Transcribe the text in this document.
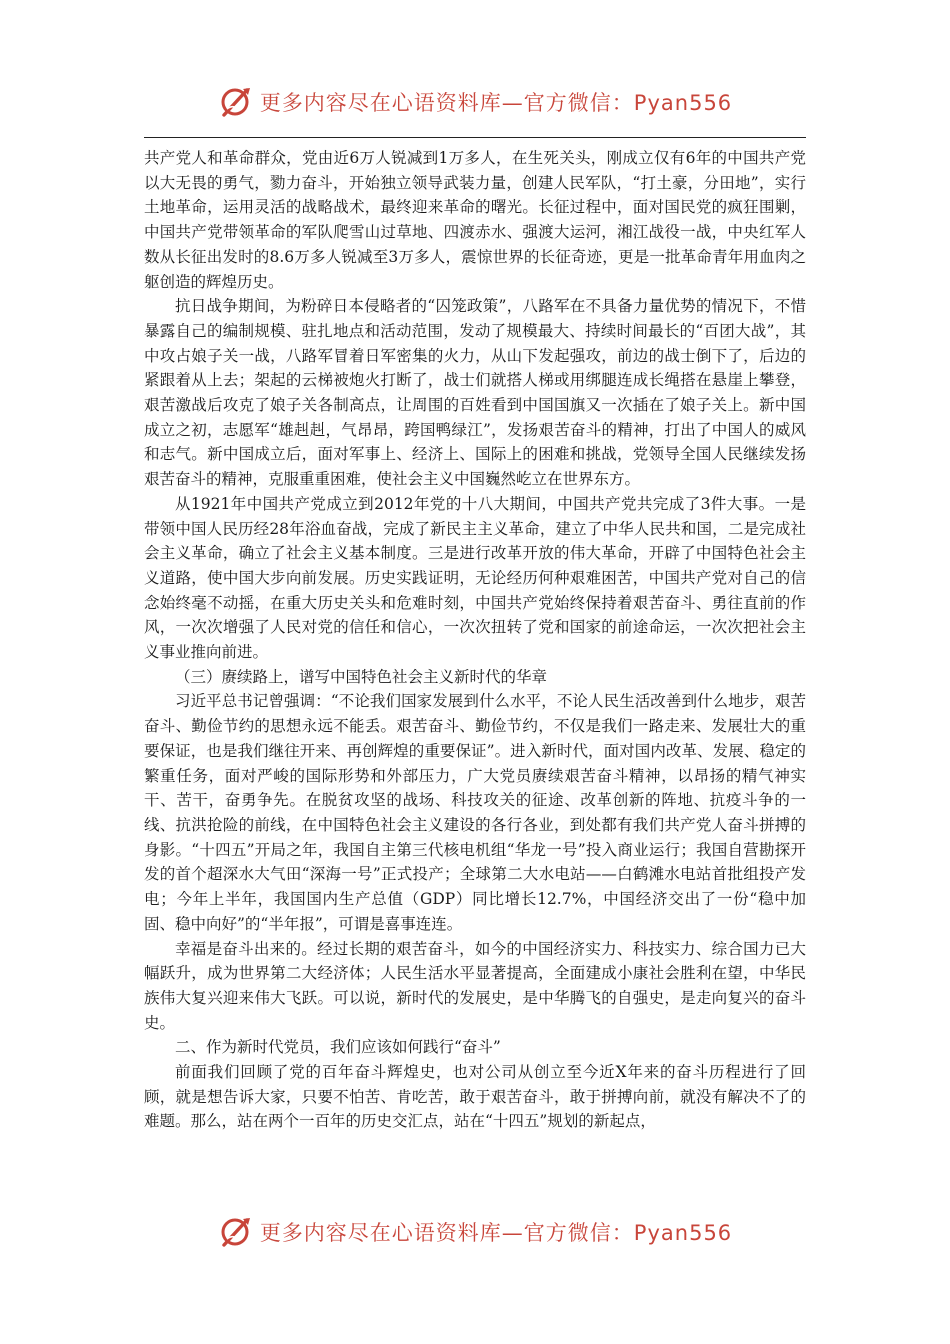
更多内容尽在心语资料库—官方微信：Pyan556

共产党人和革命群众，党由近6万人锐减到1万多人，在生死关头，刚成立仅有6年的中国共产党以大无畏的勇气，勠力奋斗，开始独立领导武装力量，创建人民军队，“打土豪，分田地”，实行土地革命，运用灵活的战略战术，最终迎来革命的曙光。长征过程中，面对国民党的疯狂围剿，中国共产党带领革命的军队爬雪山过草地、四渡赤水、强渡大运河，湘江战役一战，中央红军人数从长征出发时的8.6万多人锐减至3万多人，震惊世界的长征奇迹，更是一批革命青年用血肉之躯创造的辉煌历史。

抗日战争期间，为粉碎日本侵略者的“囚笼政策”，八路军在不具备力量优势的情况下，不惜暴露自己的编制规模、驻扎地点和活动范围，发动了规模最大、持续时间最长的“百团大战”，其中攻占娘子关一战，八路军冒着日军密集的火力，从山下发起强攻，前边的战士倒下了，后边的紧跟着从上去；架起的云梯被炮火打断了，战士们就搭人梯或用绑腿连成长绳搭在悬崖上攀登，艰苦激战后攻克了娘子关各制高点，让周围的百姓看到中国国旗又一次插在了娘子关上。新中国成立之初，志愿军“雄赳赳，气昂昂，跨国鸭绿江”，发扬艰苦奋斗的精神，打出了中国人的威风和志气。新中国成立后，面对军事上、经济上、国际上的困难和挑战，党领导全国人民继续发扬艰苦奋斗的精神，克服重重困难，使社会主义中国巍然屹立在世界东方。

从1921年中国共产党成立到2012年党的十八大期间，中国共产党共完成了3件大事。一是带领中国人民历经28年浴血奋战，完成了新民主主义革命，建立了中华人民共和国，二是完成社会主义革命，确立了社会主义基本制度。三是进行改革开放的伟大革命，开辟了中国特色社会主义道路，使中国大步向前发展。历史实践证明，无论经历何种艰难困苦，中国共产党对自己的信念始终毫不动摇，在重大历史关头和危难时刻，中国共产党始终保持着艰苦奋斗、勇往直前的作风，一次次增强了人民对党的信任和信心，一次次扭转了党和国家的前途命运，一次次把社会主义事业推向前进。

（三）赓续路上，谱写中国特色社会主义新时代的华章

习近平总书记曾强调：“不论我们国家发展到什么水平，不论人民生活改善到什么地步，艰苦奋斗、勤俭节约的思想永远不能丢。艰苦奋斗、勤俭节约，不仅是我们一路走来、发展壮大的重要保证，也是我们继往开来、再创辉煌的重要保证”。进入新时代，面对国内改革、发展、稳定的繁重任务，面对严峻的国际形势和外部压力，广大党员赓续艰苦奋斗精神，以昂扬的精气神实干、苦干，奋勇争先。在脱贫攻坚的战场、科技攻关的征途、改革创新的阵地、抗疫斗争的一线、抗洪抢险的前线，在中国特色社会主义建设的各行各业，到处都有我们共产党人奋斗拼搏的身影。“十四五”开局之年，我国自主第三代核电机组“华龙一号”投入商业运行；我国自营勘探开发的首个超深水大气田“深海一号”正式投产；全球第二大水电站——白鹤滩水电站首批组投产发电；今年上半年，我国国内生产总值（GDP）同比增长12.7%，中国经济交出了一份“稳中加固、稳中向好”的“半年报”，可谓是喜事连连。

幸福是奋斗出来的。经过长期的艰苦奋斗，如今的中国经济实力、科技实力、综合国力已大幅跃升，成为世界第二大经济体；人民生活水平显著提高，全面建成小康社会胜利在望，中华民族伟大复兴迎来伟大飞跃。可以说，新时代的发展史，是中华腾飞的自强史，是走向复兴的奋斗史。

二、作为新时代党员，我们应该如何践行“奋斗”

前面我们回顾了党的百年奋斗辉煌史，也对公司从创立至今近X年来的奋斗历程进行了回顾，就是想告诉大家，只要不怕苦、肯吃苦，敢于艰苦奋斗，敢于拼搏向前，就没有解决不了的难题。那么，站在两个一百年的历史交汇点，站在“十四五”规划的新起点，

更多内容尽在心语资料库—官方微信：Pyan556
